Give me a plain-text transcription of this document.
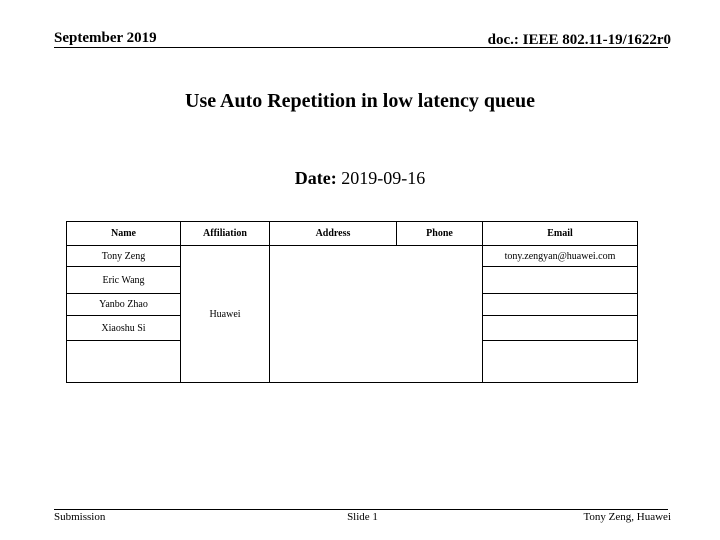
September 2019	doc.: IEEE 802.11-19/1622r0
Use Auto Repetition in low latency queue
Date: 2019-09-16
Name	Affiliation	Address	Phone	Email
Tony Zeng	Huawei			tony.zengyan@huawei.com
Eric Wang				
Yanbo Zhao				
Xiaoshu Si				

Submission	Slide 1	Tony Zeng, Huawei
